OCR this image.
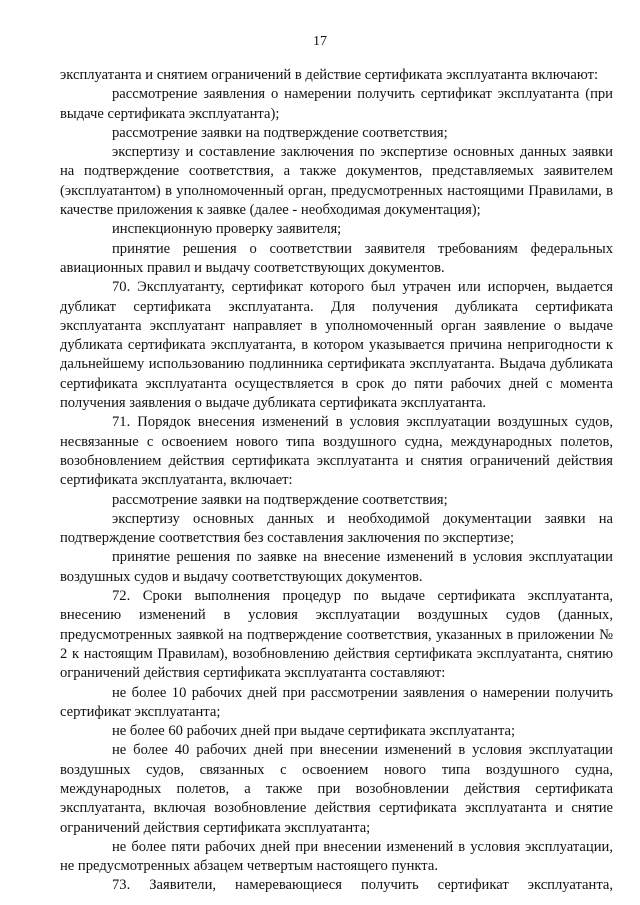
17

эксплуатанта и снятием ограничений в действие сертификата эксплуатанта включают:

рассмотрение заявления о намерении получить сертификат эксплуатанта (при выдаче сертификата эксплуатанта);

рассмотрение заявки на подтверждение соответствия;

экспертизу и составление заключения по экспертизе основных данных заявки на подтверждение соответствия, а также документов, представляемых заявителем (эксплуатантом) в уполномоченный орган, предусмотренных настоящими Правилами, в качестве приложения к заявке (далее - необходимая документация);

инспекционную проверку заявителя;

принятие решения о соответствии заявителя требованиям федеральных авиационных правил и выдачу соответствующих документов.

70. Эксплуатанту, сертификат которого был утрачен или испорчен, выдается дубликат сертификата эксплуатанта. Для получения дубликата сертификата эксплуатанта эксплуатант направляет в уполномоченный орган заявление о выдаче дубликата сертификата эксплуатанта, в котором указывается причина непригодности к дальнейшему использованию подлинника сертификата эксплуатанта. Выдача дубликата сертификата эксплуатанта осуществляется в срок до пяти рабочих дней с момента получения заявления о выдаче дубликата сертификата эксплуатанта.

71. Порядок внесения изменений в условия эксплуатации воздушных судов, несвязанные с освоением нового типа воздушного судна, международных полетов, возобновлением действия сертификата эксплуатанта и снятия ограничений действия сертификата эксплуатанта, включает:

рассмотрение заявки на подтверждение соответствия;

экспертизу основных данных и необходимой документации заявки на подтверждение соответствия без составления заключения по экспертизе;

принятие решения по заявке на внесение изменений в условия эксплуатации воздушных судов и выдачу соответствующих документов.

72. Сроки выполнения процедур по выдаче сертификата эксплуатанта, внесению изменений в условия эксплуатации воздушных судов (данных, предусмотренных заявкой на подтверждение соответствия, указанных в приложении № 2 к настоящим Правилам), возобновлению действия сертификата эксплуатанта, снятию ограничений действия сертификата эксплуатанта составляют:

не более 10 рабочих дней при рассмотрении заявления о намерении получить сертификат эксплуатанта;

не более 60 рабочих дней при выдаче сертификата эксплуатанта;

не более 40 рабочих дней при внесении изменений в условия эксплуатации воздушных судов, связанных с освоением нового типа воздушного судна, международных полетов, а также при возобновлении действия сертификата эксплуатанта, включая возобновление действия сертификата эксплуатанта и снятие ограничений действия сертификата эксплуатанта;

не более пяти рабочих дней при внесении изменений в условия эксплуатации, не предусмотренных абзацем четвертым настоящего пункта.

73. Заявители, намеревающиеся получить сертификат эксплуатанта,
